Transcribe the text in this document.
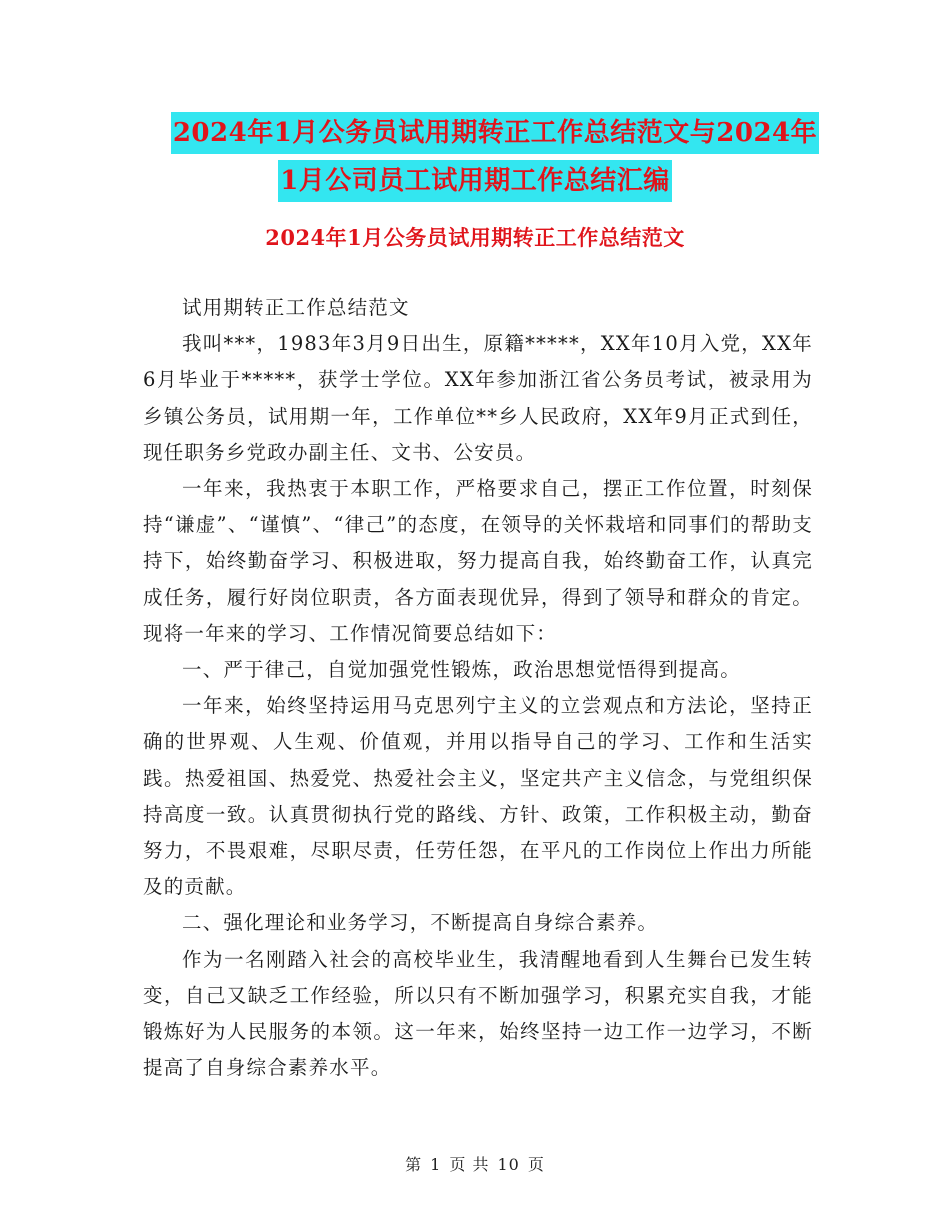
2024年1月公务员试用期转正工作总结范文与2024年
1月公司员工试用期工作总结汇编
2024年1月公务员试用期转正工作总结范文

试用期转正工作总结范文

我叫***，1983年3月9日出生，原籍*****，XX年10月入党，XX年6月毕业于*****，获学士学位。XX年参加浙江省公务员考试，被录用为乡镇公务员，试用期一年，工作单位**乡人民政府，XX年9月正式到任，现任职务乡党政办副主任、文书、公安员。

一年来，我热衷于本职工作，严格要求自己，摆正工作位置，时刻保持“谦虚”、“谨慎”、“律己”的态度，在领导的关怀栽培和同事们的帮助支持下，始终勤奋学习、积极进取，努力提高自我，始终勤奋工作，认真完成任务，履行好岗位职责，各方面表现优异，得到了领导和群众的肯定。现将一年来的学习、工作情况简要总结如下：

一、严于律己，自觉加强党性锻炼，政治思想觉悟得到提高。

一年来，始终坚持运用马克思列宁主义的立尝观点和方法论，坚持正确的世界观、人生观、价值观，并用以指导自己的学习、工作和生活实践。热爱祖国、热爱党、热爱社会主义，坚定共产主义信念，与党组织保持高度一致。认真贯彻执行党的路线、方针、政策，工作积极主动，勤奋努力，不畏艰难，尽职尽责，任劳任怨，在平凡的工作岗位上作出力所能及的贡献。

二、强化理论和业务学习，不断提高自身综合素养。

作为一名刚踏入社会的高校毕业生，我清醒地看到人生舞台已发生转变，自己又缺乏工作经验，所以只有不断加强学习，积累充实自我，才能锻炼好为人民服务的本领。这一年来，始终坚持一边工作一边学习，不断提高了自身综合素养水平。

第 1 页 共 10 页
